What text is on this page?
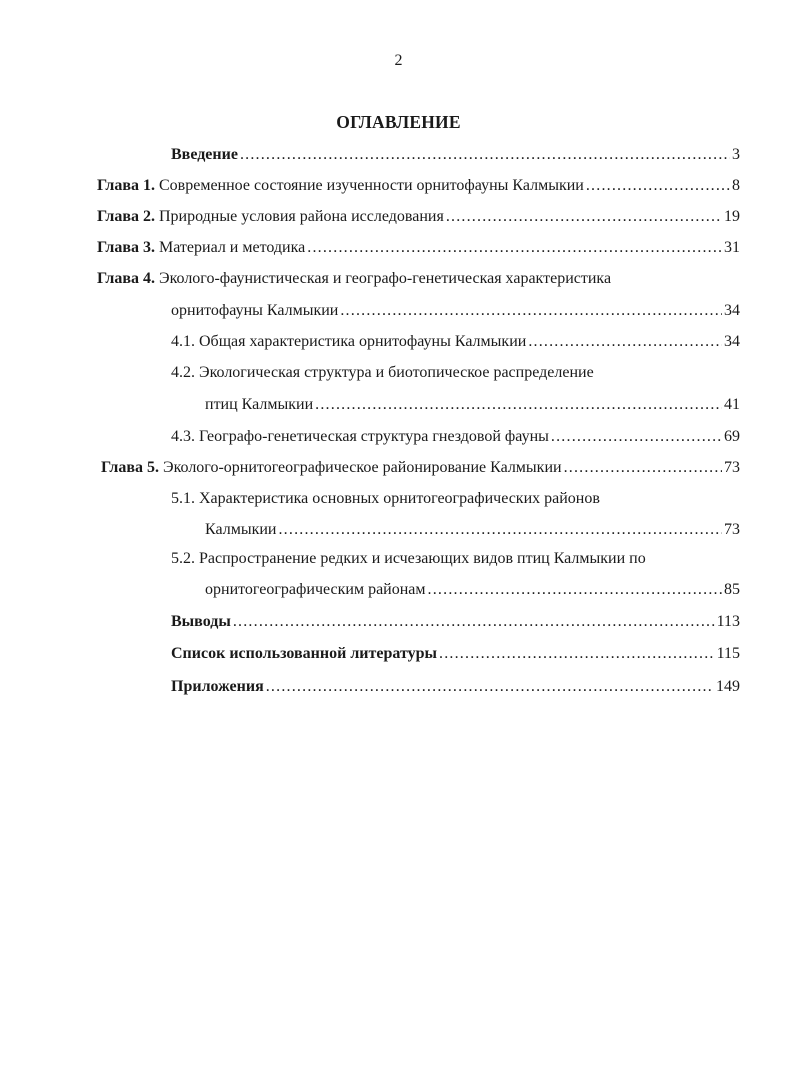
2
ОГЛАВЛЕНИЕ
Введение .....	3
Глава 1.
Современное состояние изученности орнитофауны Калмыкии .....	8
Глава 2.
Природные условия района исследования .....	19
Глава 3.
Материал и методика .....	31
Глава 4. Эколого-фаунистическая и географо-генетическая характеристика
орнитофауны Калмыкии .....	34
4.1. Общая характеристика орнитофауны Калмыкии .....	34
4.2. Экологическая структура и биотопическое распределение
птиц Калмыкии .....	41
4.3. Географо-генетическая структура гнездовой фауны .....	69
Глава 5.
Эколого-орнитогеографическое районирование Калмыкии .....	73
5.1. Характеристика основных орнитогеографических районов
Калмыкии .....	73
5.2. Распространение редких и исчезающих видов птиц Калмыкии по
орнитогеографическим районам .....	85
Выводы .....	113
Список использованной литературы .....	115
Приложения .....	149
